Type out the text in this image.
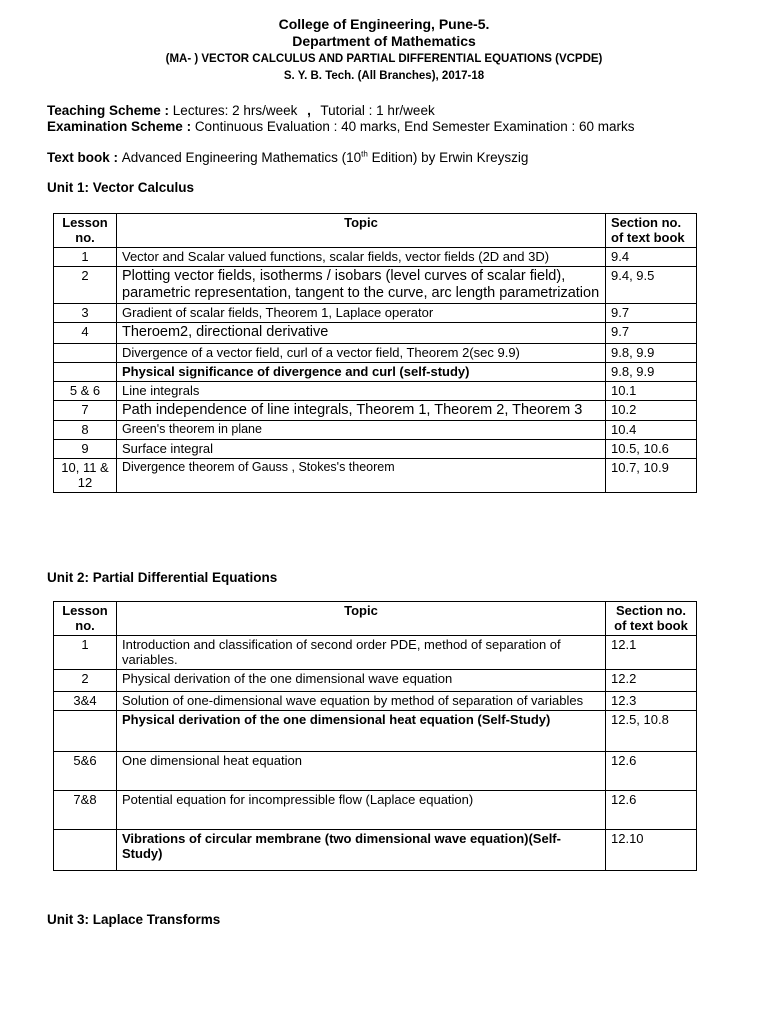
College of Engineering, Pune-5.
Department of Mathematics
(MA- ) VECTOR CALCULUS AND PARTIAL DIFFERENTIAL EQUATIONS (VCPDE)
S. Y. B. Tech. (All Branches), 2017-18
Teaching Scheme : Lectures: 2 hrs/week , Tutorial : 1 hr/week
Examination Scheme : Continuous Evaluation : 40 marks, End Semester Examination : 60 marks
Text book : Advanced Engineering Mathematics (10th Edition) by Erwin Kreyszig
Unit 1: Vector Calculus
Lesson no.	Topic	Section no. of text book
1	Vector and Scalar valued functions, scalar fields, vector fields (2D and 3D)	9.4
2	Plotting vector fields, isotherms / isobars (level curves of scalar field), parametric representation, tangent to the curve, arc length parametrization	9.4, 9.5
3	Gradient of scalar fields, Theorem 1, Laplace operator	9.7
4	Theroem2, directional derivative	9.7
	Divergence of a vector field, curl of a vector field, Theorem 2(sec 9.9)	9.8, 9.9
	Physical significance of divergence and curl (self-study)	9.8, 9.9
5 & 6	Line integrals	10.1
7	Path independence of line integrals, Theorem 1, Theorem 2, Theorem 3	10.2
8	Green's theorem in plane	10.4
9	Surface integral	10.5, 10.6
10, 11 & 12	Divergence theorem of Gauss , Stokes's theorem	10.7, 10.9
Unit 2: Partial Differential Equations
Lesson no.	Topic	Section no. of text book
1	Introduction and classification of second order PDE, method of separation of variables.	12.1
2	Physical derivation of the one dimensional wave equation	12.2
3&4	Solution of one-dimensional wave equation by method of separation of variables	12.3
	Physical derivation of the one dimensional heat equation (Self-Study)	12.5, 10.8
5&6	One dimensional heat equation	12.6
7&8	Potential equation for incompressible flow (Laplace equation)	12.6
	Vibrations of circular membrane (two dimensional wave equation)(Self-Study)	12.10
Unit 3: Laplace Transforms
